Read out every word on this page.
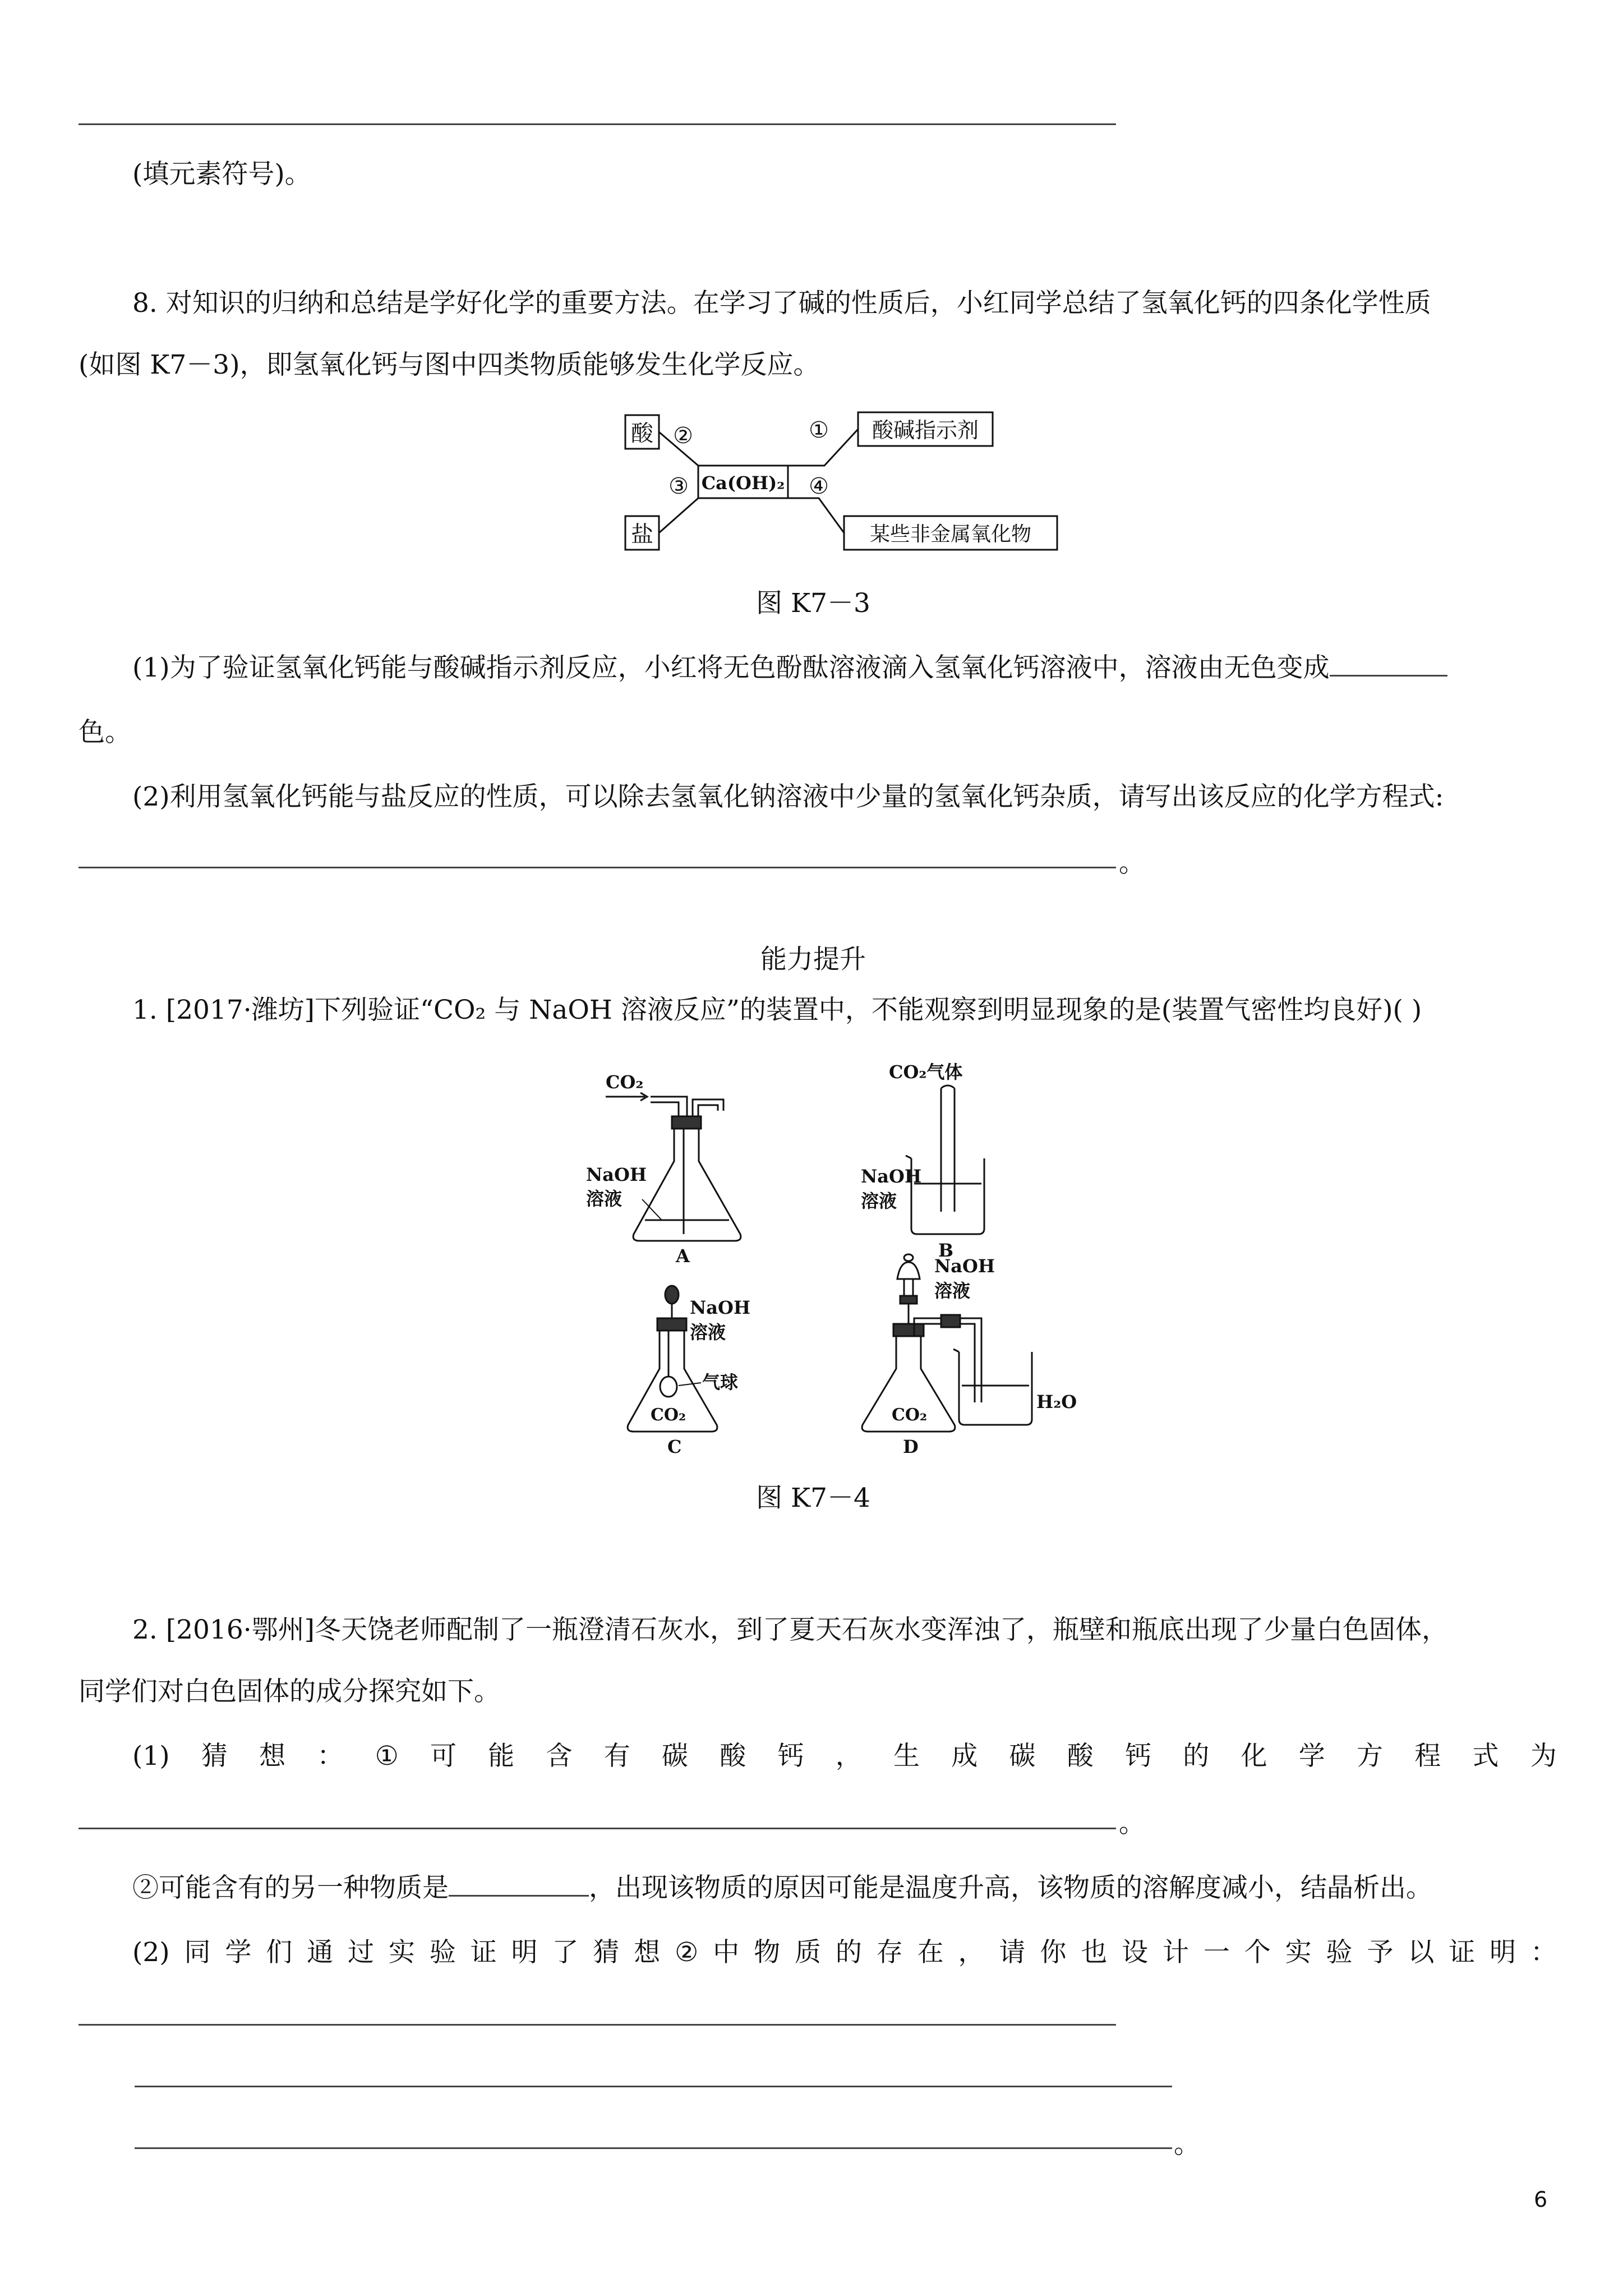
(填元素符号)。
8. 对知识的归纳和总结是学好化学的重要方法。在学习了碱的性质后，小红同学总结了氢氧化钙的四条化学性质
(如图 K7－3)，即氢氧化钙与图中四类物质能够发生化学反应。
酸 ②	酸碱指示剂
①
Ca(OH)₂
③	④
盐	某些非金属氧化物
图 K7－3
(1)为了验证氢氧化钙能与酸碱指示剂反应，小红将无色酚酞溶液滴入氢氧化钙溶液中，溶液由无色变成
色。
(2)利用氢氧化钙能与盐反应的性质，可以除去氢氧化钠溶液中少量的氢氧化钙杂质，请写出该反应的化学方程式:
。
能力提升
1. [2017·潍坊]下列验证“CO₂ 与 NaOH 溶液反应”的装置中，不能观察到明显现象的是(装置气密性均良好)( )
CO₂
NaOH
溶液
A
CO₂气体
NaOH
溶液
B
NaOH
溶液
气球
CO₂
C
NaOH
溶液
CO₂
H₂O
D
图 K7－4
2. [2016·鄂州]冬天饶老师配制了一瓶澄清石灰水，到了夏天石灰水变浑浊了，瓶壁和瓶底出现了少量白色固体，
同学们对白色固体的成分探究如下。
(1) 猜 想 ： ① 可 能 含 有 碳 酸 钙 ， 生 成 碳 酸 钙 的 化 学 方 程 式 为
。
②可能含有的另一种物质是	，出现该物质的原因可能是温度升高，该物质的溶解度减小，结晶析出。
(2) 同 学 们 通 过 实 验 证 明 了 猜 想 ② 中 物 质 的 存 在 ， 请 你 也 设 计 一 个 实 验 予 以 证 明 ：
。
6
